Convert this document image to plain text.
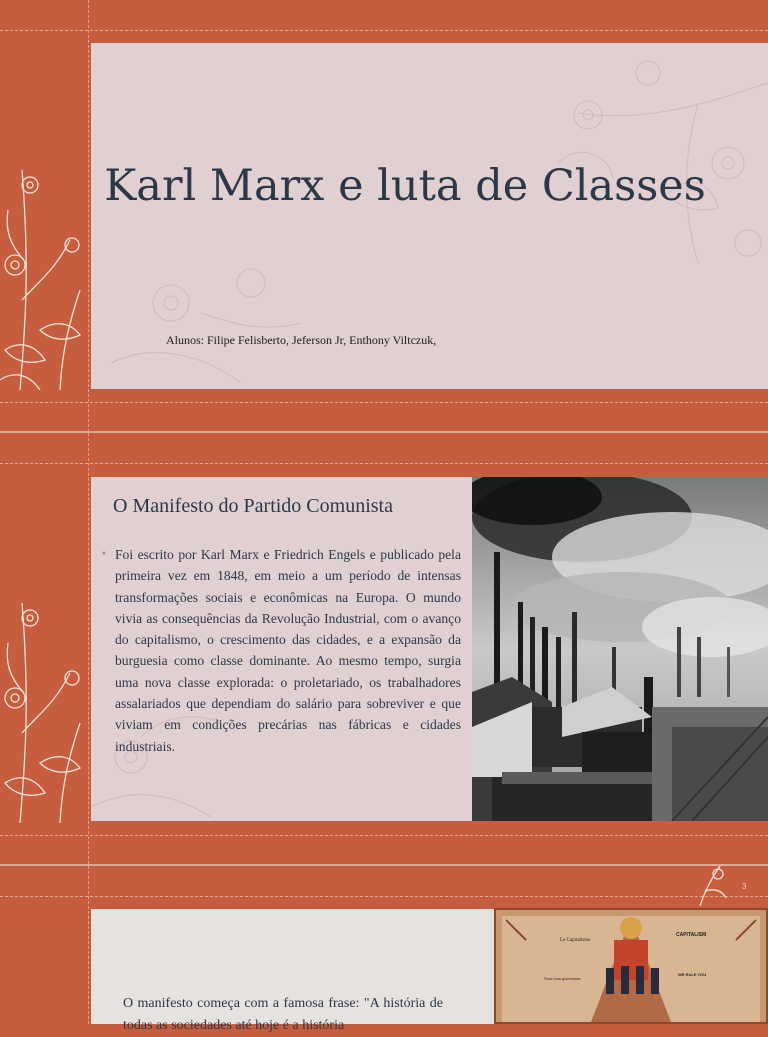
Karl Marx e luta de Classes
Alunos: Filipe Felisberto, Jeferson Jr, Enthony Viltczuk,
O Manifesto do Partido Comunista
• Foi escrito por Karl Marx e Friedrich Engels e publicado pela primeira vez em 1848, em meio a um período de intensas transformações sociais e econômicas na Europa. O mundo vivia as consequências da Revolução Industrial, com o avanço do capitalismo, o crescimento das cidades, e a expansão da burguesia como classe dominante. Ao mesmo tempo, surgia uma nova classe explorada: o proletariado, os trabalhadores assalariados que dependiam do salário para sobreviver e que viviam em condições precárias nas fábricas e cidades industriais.
3
O manifesto começa com a famosa frase: "A história de todas as sociedades até hoje é a história
Le Capitalisme
CAPITALISM
Nous vous gouvernons
WE RULE YOU
